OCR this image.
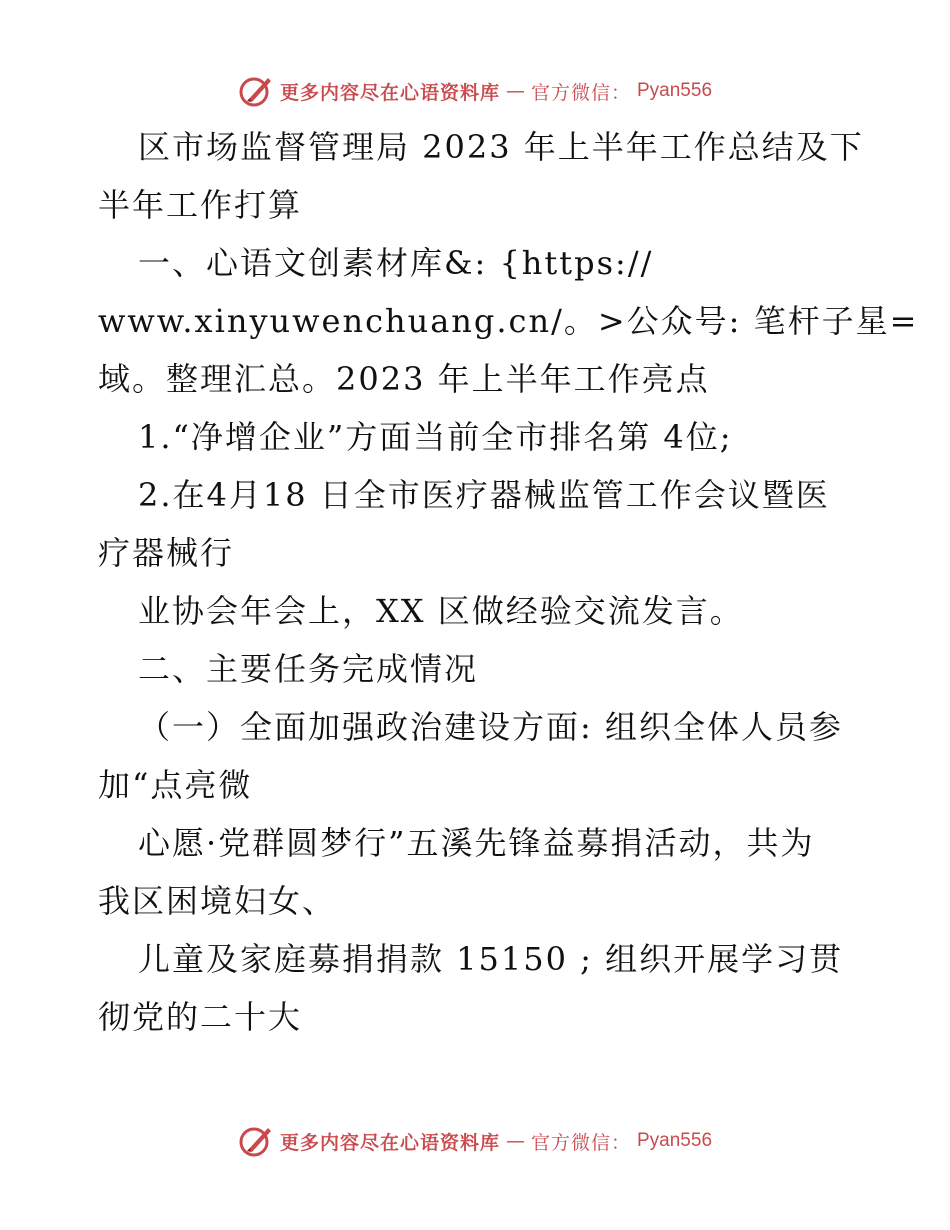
更多内容尽在心语资料库 — 官方微信： Pyan556

区市场监督管理局 2023 年上半年工作总结及下

半年工作打算

一、心语文创素材库&: {https://

www.xinyuwenchuang.cn/。>公众号: 笔杆子星=

域。整理汇总。2023 年上半年工作亮点

1.“净增企业”方面当前全市排名第 4位;

2.在4月18 日全市医疗器械监管工作会议暨医

疗器械行

业协会年会上，XX 区做经验交流发言。

二、主要任务完成情况

（一）全面加强政治建设方面: 组织全体人员参

加“点亮微

心愿·党群圆梦行”五溪先锋益募捐活动，共为

我区困境妇女、

儿童及家庭募捐捐款 15150 ; 组织开展学习贯

彻党的二十大

更多内容尽在心语资料库 — 官方微信： Pyan556
